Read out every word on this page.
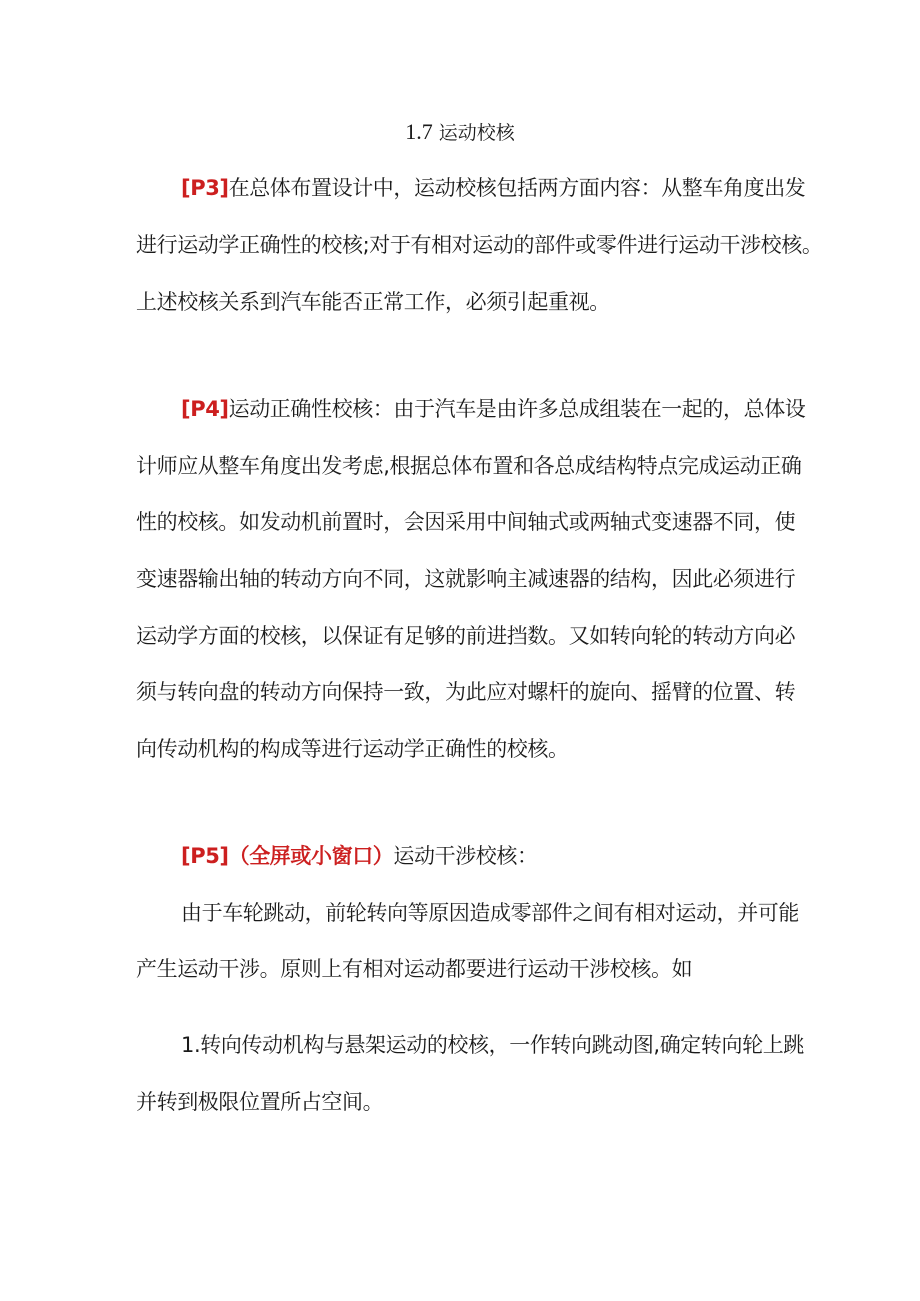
1.7 运动校核
[P3]在总体布置设计中，运动校核包括两方面内容：从整车角度出发
进行运动学正确性的校核;对于有相对运动的部件或零件进行运动干涉校核。
上述校核关系到汽车能否正常工作，必须引起重视。
[P4]运动正确性校核：由于汽车是由许多总成组装在一起的，总体设
计师应从整车角度出发考虑,根据总体布置和各总成结构特点完成运动正确
性的校核。如发动机前置时，会因采用中间轴式或两轴式变速器不同，使
变速器输出轴的转动方向不同，这就影响主减速器的结构，因此必须进行
运动学方面的校核，以保证有足够的前进挡数。又如转向轮的转动方向必
须与转向盘的转动方向保持一致，为此应对螺杆的旋向、摇臂的位置、转
向传动机构的构成等进行运动学正确性的校核。
[P5]（全屏或小窗口）运动干涉校核：
由于车轮跳动，前轮转向等原因造成零部件之间有相对运动，并可能
产生运动干涉。原则上有相对运动都要进行运动干涉校核。如
1.转向传动机构与悬架运动的校核，一作转向跳动图,确定转向轮上跳
并转到极限位置所占空间。
